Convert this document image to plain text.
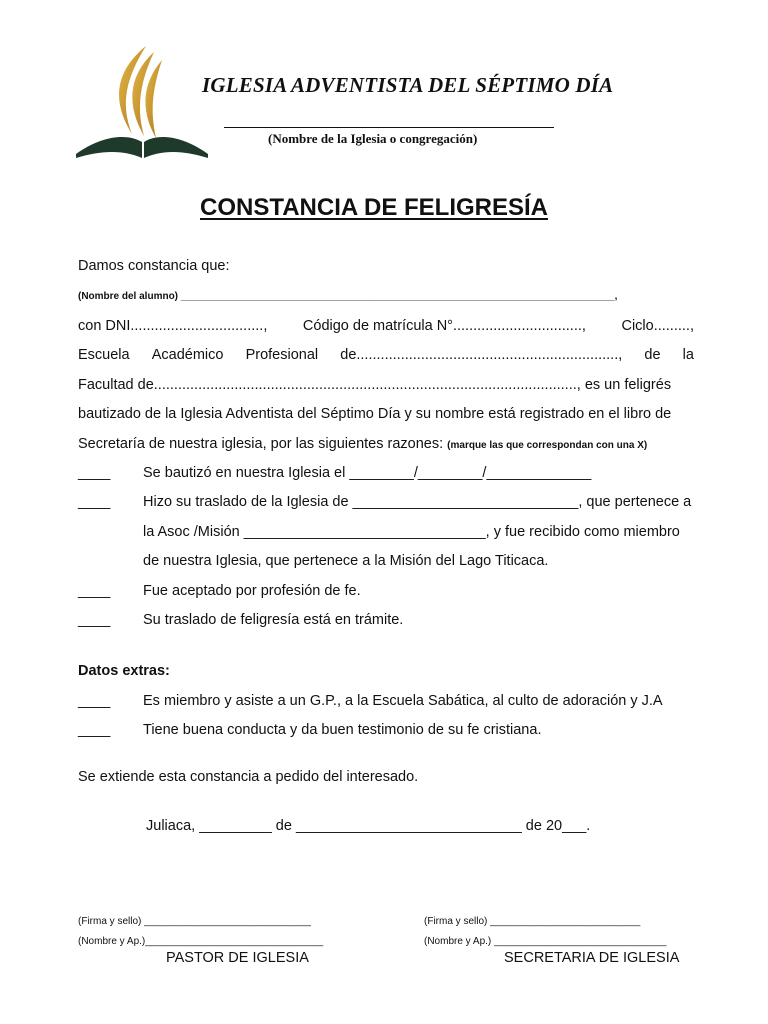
IGLESIA ADVENTISTA DEL SÉPTIMO DÍA
(Nombre de la Iglesia o congregación)
CONSTANCIA DE FELIGRESÍA
Damos constancia que:
(Nombre del alumno) ______________________________________________________________________________,
con DNI................................., Código de matrícula N°................................, Ciclo.........,
Escuela Académico Profesional de................................................................., de la
Facultad de........................................................................................................., es un feligrés
bautizado de la Iglesia Adventista del Séptimo Día y su nombre está registrado en el libro de
Secretaría de nuestra iglesia, por las siguientes razones: (marque las que correspondan con una X)
____ Se bautizó en nuestra Iglesia el ________/________/_____________
____ Hizo su traslado de la Iglesia de ____________________________, que pertenece a
la Asoc /Misión ______________________________, y fue recibido como miembro
de nuestra Iglesia, que pertenece a la Misión del Lago Titicaca.
____ Fue aceptado por profesión de fe.
____ Su traslado de feligresía está en trámite.
Datos extras:
____ Es miembro y asiste a un G.P., a la Escuela Sabática, al culto de adoración y J.A
____ Tiene buena conducta y da buen testimonio de su fe cristiana.
Se extiende esta constancia a pedido del interesado.
Juliaca, _________ de ____________________________ de 20___.
(Firma y sello) ______________________________
(Nombre y Ap.)________________________________
PASTOR DE IGLESIA
(Firma y sello) ___________________________
(Nombre y Ap.) _______________________________
SECRETARIA DE IGLESIA
